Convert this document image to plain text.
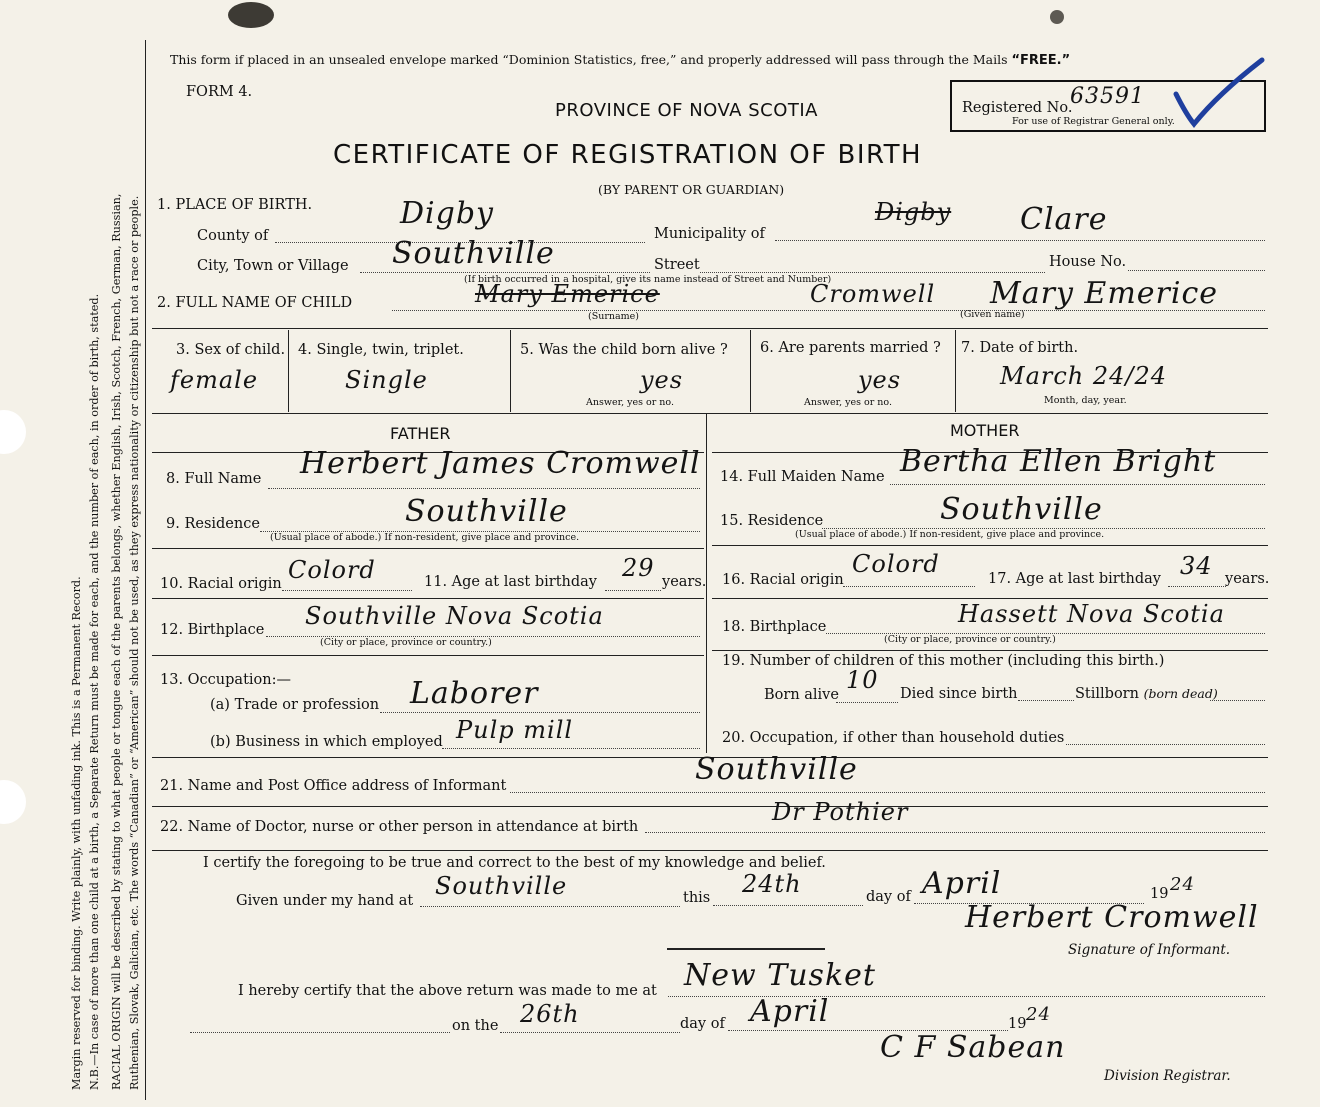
Margin reserved for binding. Write plainly, with unfading ink. This is a Permanent Record. N.B.—In case of more than one child at a birth, a Separate Return must be made for each, and the number of each, in order of birth, stated. RACIAL ORIGIN will be described by stating to what people or tongue each of the parents belongs, whether English, Irish, Scotch, French, German, Russian, Ruthenian, Slovak, Galician, etc. The words “Canadian” or “American” should not be used, as they express nationality or citizenship but not a race or people.
This form if placed in an unsealed envelope marked “Dominion Statistics, free,” and properly addressed will pass through the Mails “FREE.”
FORM 4.
PROVINCE OF NOVA SCOTIA
CERTIFICATE OF REGISTRATION OF BIRTH
(BY PARENT OR GUARDIAN)
Registered No.
63591
For use of Registrar General only.
1. PLACE OF BIRTH.
County of
Digby
Municipality of
Digby Clare
City, Town or Village Southville	Street	House No.
(If birth occurred in a hospital, give its name instead of Street and Number)
2. FULL NAME OF CHILD	Mary Emerice	Cromwell Mary Emerice
(Surname)	(Given name)
3. Sex of child.
female
4. Single, twin, triplet.
Single
5. Was the child born alive ?
yes
Answer, yes or no.
6. Are parents married ?
yes
Answer, yes or no.
7. Date of birth.
March 24/24
Month, day, year.
FATHER	MOTHER
8. Full Name Herbert James Cromwell
9. Residence	Southville
(Usual place of abode.) If non-resident, give place and province.
10. Racial origin Colord	11. Age at last birthday 29 years.
12. Birthplace Southville Nova Scotia
(City or place, province or country.)
13. Occupation:—
(a) Trade or profession Laborer
(b) Business in which employed Pulp mill
14. Full Maiden Name Bertha Ellen Bright
15. Residence	Southville
(Usual place of abode.) If non-resident, give place and province.
16. Racial origin
Colord
17. Age at last birthday 34 years.
18. Birthplace	Hassett Nova Scotia
(City or place, province or country.)
19. Number of children of this mother (including this birth.)
Born alive
10 Died since birth	Stillborn (born dead)
20. Occupation, if other than household duties
21. Name and Post Office address of Informant	Southville
22. Name of Doctor, nurse or other person in attendance at birth
Dr Pothier
I certify the foregoing to be true and correct to the best of my knowledge and belief.
Given under my hand at
Southville	this 24th	day of April	19 24
Herbert Cromwell
Signature of Informant.
I hereby certify that the above return was made to me at New Tusket
on the 26th	day of April	19 24
C F Sabean
Division Registrar.
